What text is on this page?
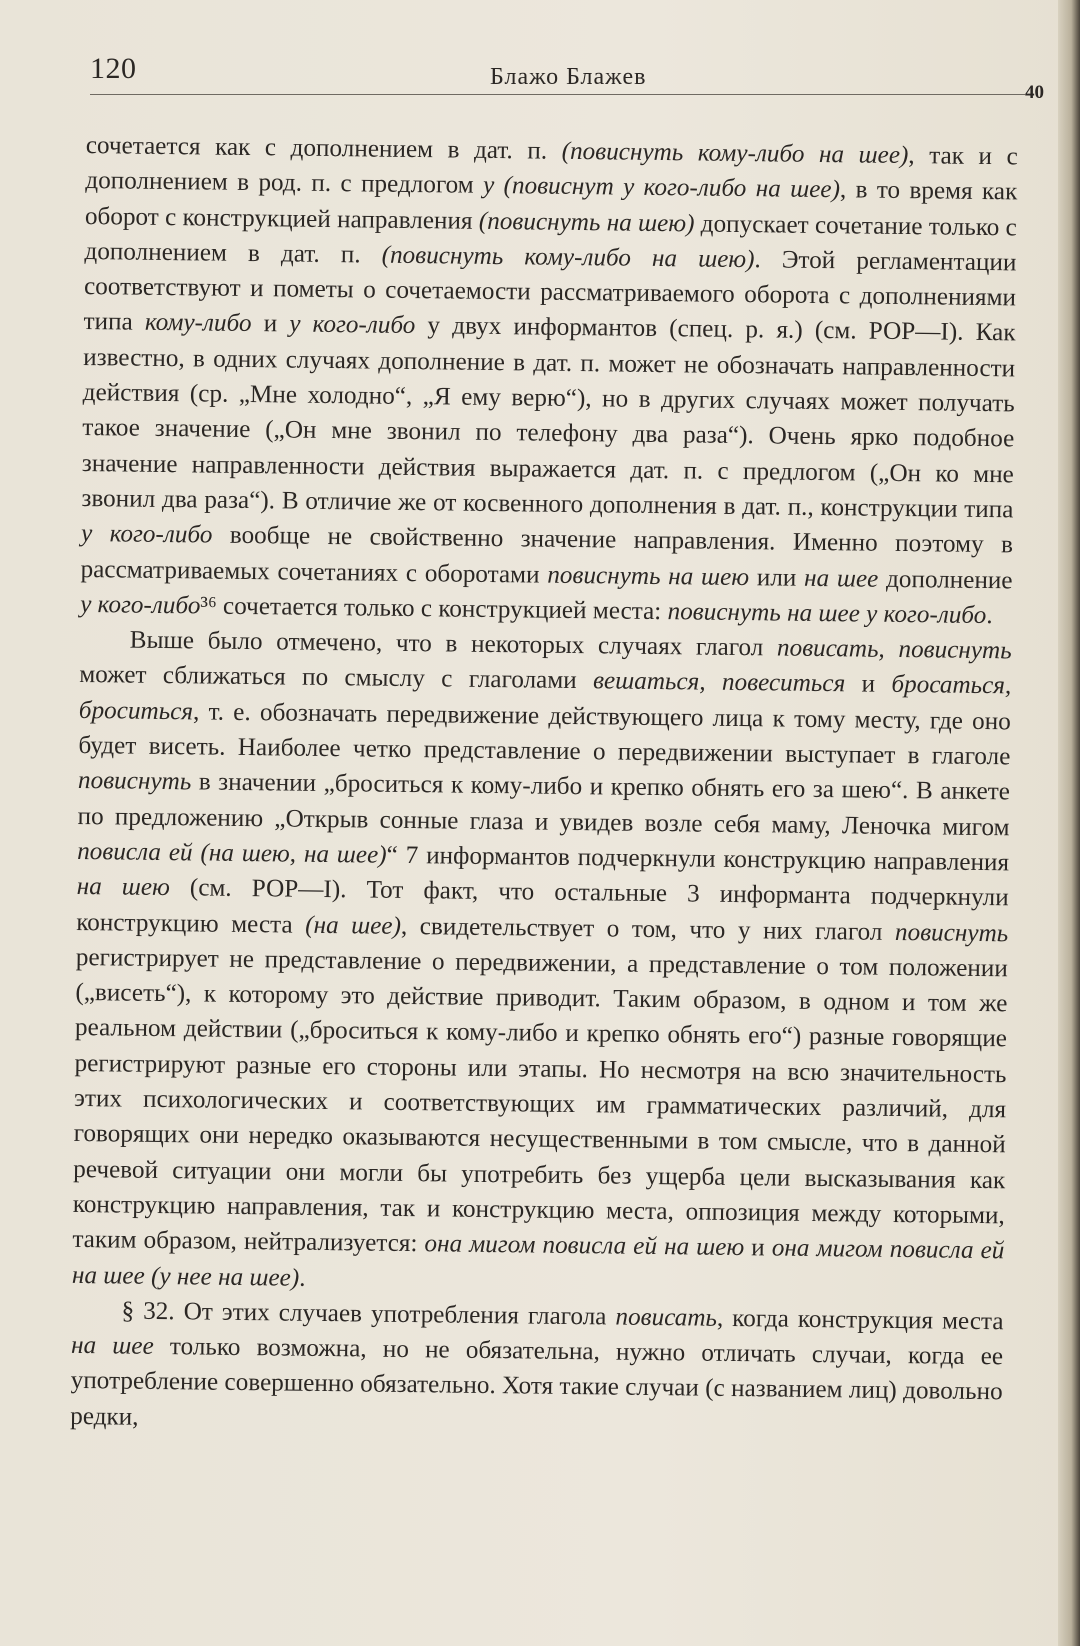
120	Блажо Блажев
40

сочетается как с дополнением в дат. п. (повиснуть кому-либо на шее), так и с дополнением в род. п. с предлогом у (повиснут у кого-либо на шее), в то время как оборот с конструкцией направления (повиснуть на шею) допускает сочетание только с дополнением в дат. п. (повиснуть кому-либо на шею). Этой регламентации соответствуют и пометы о сочетаемости рассматриваемого оборота с дополнениями типа кому-либо и у кого-либо у двух информантов (спец. р. я.) (см. РОР—I). Как известно, в одних случаях дополнение в дат. п. может не обозначать направленности действия (ср. „Мне холодно“, „Я ему верю“), но в других случаях может получать такое значение („Он мне звонил по телефону два раза“). Очень ярко подобное значение направленности действия выражается дат. п. с предлогом („Он ко мне звонил два раза“). В отличие же от косвенного дополнения в дат. п., конструкции типа у кого-либо вообще не свойственно значение направления. Именно поэтому в рассматриваемых сочетаниях с оборотами повиснуть на шею или на шее дополнение у кого-либо³⁶ сочетается только с конструкцией места: повиснуть на шее у кого-либо.

Выше было отмечено, что в некоторых случаях глагол повисать, повиснуть может сближаться по смыслу с глаголами вешаться, повеситься и бросаться, броситься, т. е. обозначать передвижение действующего лица к тому месту, где оно будет висеть. Наиболее четко представление о передвижении выступает в глаголе повиснуть в значении „броситься к кому-либо и крепко обнять его за шею“. В анкете по предложению „Открыв сонные глаза и увидев возле себя маму, Леночка мигом повисла ей (на шею, на шее)“ 7 информантов подчеркнули конструкцию направления на шею (см. РОР—I). Тот факт, что остальные 3 информанта подчеркнули конструкцию места (на шее), свидетельствует о том, что у них глагол повиснуть регистрирует не представление о передвижении, а представление о том положении („висеть“), к которому это действие приводит. Таким образом, в одном и том же реальном действии („броситься к кому-либо и крепко обнять его“) разные говорящие регистрируют разные его стороны или этапы. Но несмотря на всю значительность этих психологических и соответствующих им грамматических различий, для говорящих они нередко оказываются несущественными в том смысле, что в данной речевой ситуации они могли бы употребить без ущерба цели высказывания как конструкцию направления, так и конструкцию места, оппозиция между которыми, таким образом, нейтрализуется: она мигом повисла ей на шею и она мигом повисла ей на шее (у нее на шее).

§ 32. От этих случаев употребления глагола повисать, когда конструкция места на шее только возможна, но не обязательна, нужно отличать случаи, когда ее употребление совершенно обязательно. Хотя такие случаи (с названием лиц) довольно редки,
